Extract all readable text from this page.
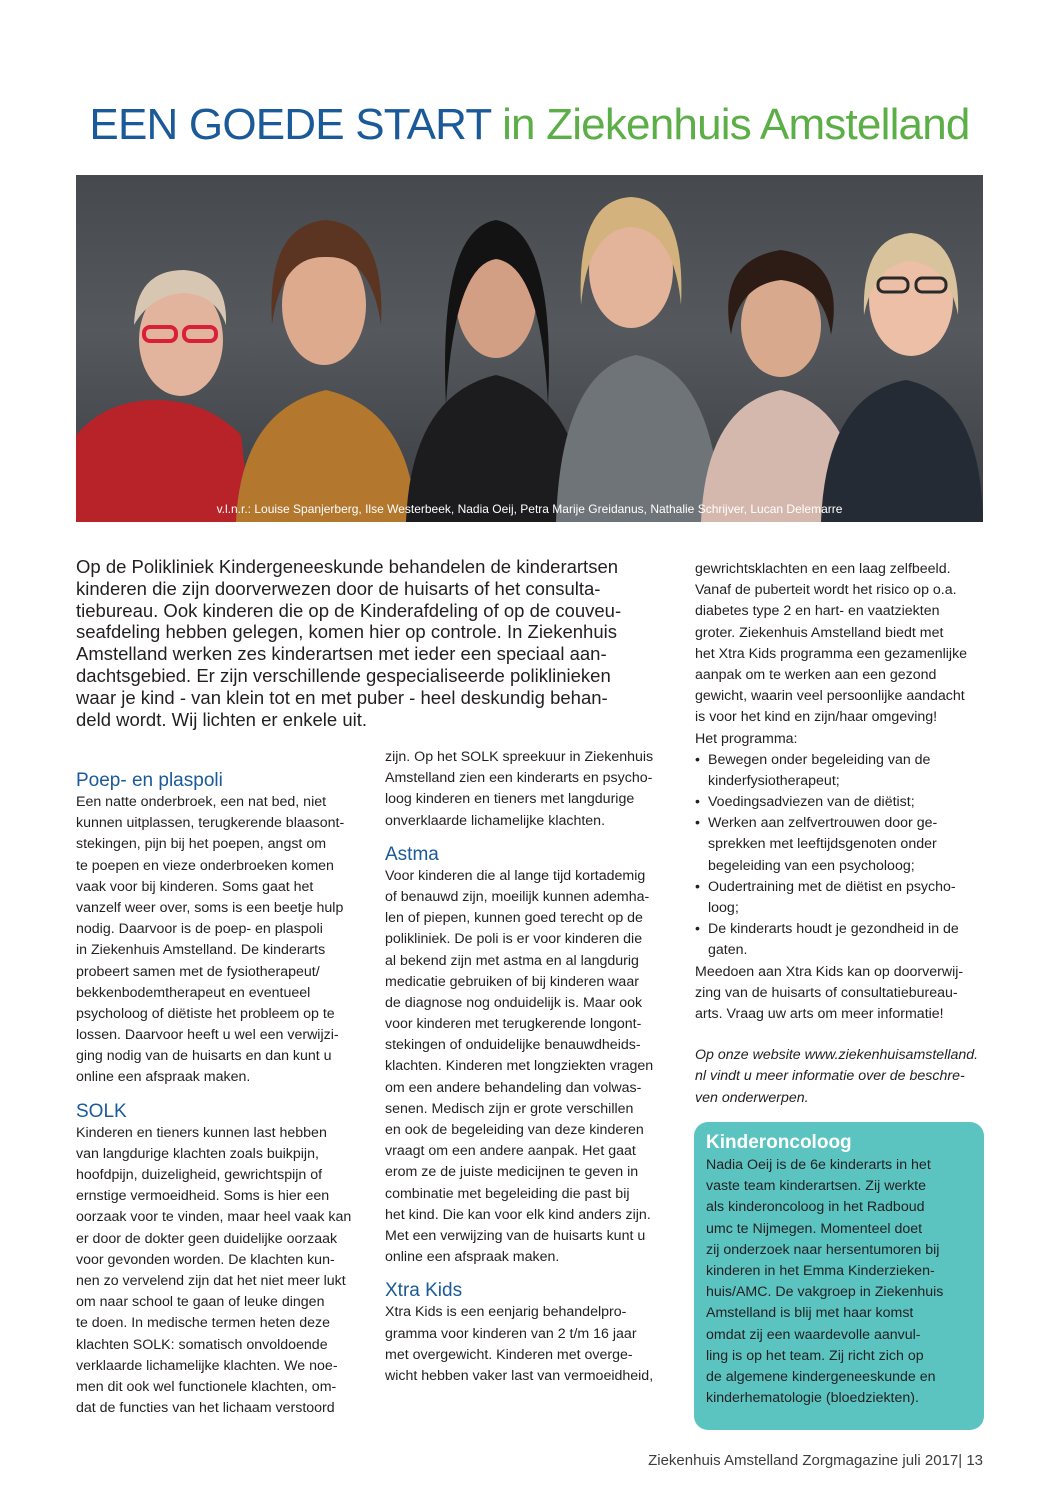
EEN GOEDE START in Ziekenhuis Amstelland
v.l.n.r.: Louise Spanjerberg, Ilse Westerbeek, Nadia Oeij, Petra Marije Greidanus, Nathalie Schrijver, Lucan Delemarre

Op de Polikliniek Kindergeneeskunde behandelen de kinderartsen

kinderen die zijn doorverwezen door de huisarts of het consulta-

tiebureau. Ook kinderen die op de Kinderafdeling of op de couveu-

seafdeling hebben gelegen, komen hier op controle. In Ziekenhuis

Amstelland werken zes kinderartsen met ieder een speciaal aan-

dachtsgebied. Er zijn verschillende gespecialiseerde poliklinieken

waar je kind - van klein tot en met puber - heel deskundig behan-

deld wordt. Wij lichten er enkele uit.

Poep- en plaspoli
Een natte onderbroek, een nat bed, niet
kunnen uitplassen, terugkerende blaasont-
stekingen, pijn bij het poepen, angst om
te poepen en vieze onderbroeken komen
vaak voor bij kinderen. Soms gaat het
vanzelf weer over, soms is een beetje hulp
nodig. Daarvoor is de poep- en plaspoli
in Ziekenhuis Amstelland. De kinderarts
probeert samen met de fysiotherapeut/
bekkenbodemtherapeut en eventueel
psycholoog of diëtiste het probleem op te
lossen. Daarvoor heeft u wel een verwijzi-
ging nodig van de huisarts en dan kunt u
online een afspraak maken.
SOLK
Kinderen en tieners kunnen last hebben
van langdurige klachten zoals buikpijn,
hoofdpijn, duizeligheid, gewrichtspijn of
ernstige vermoeidheid. Soms is hier een
oorzaak voor te vinden, maar heel vaak kan
er door de dokter geen duidelijke oorzaak
voor gevonden worden. De klachten kun-
nen zo vervelend zijn dat het niet meer lukt
om naar school te gaan of leuke dingen
te doen. In medische termen heten deze
klachten SOLK: somatisch onvoldoende
verklaarde lichamelijke klachten. We noe-
men dit ook wel functionele klachten, om-
dat de functies van het lichaam verstoord
zijn. Op het SOLK spreekuur in Ziekenhuis
Amstelland zien een kinderarts en psycho-
loog kinderen en tieners met langdurige
onverklaarde lichamelijke klachten.
Astma
Voor kinderen die al lange tijd kortademig
of benauwd zijn, moeilijk kunnen ademha-
len of piepen, kunnen goed terecht op de
polikliniek. De poli is er voor kinderen die
al bekend zijn met astma en al langdurig
medicatie gebruiken of bij kinderen waar
de diagnose nog onduidelijk is. Maar ook
voor kinderen met terugkerende longont-
stekingen of onduidelijke benauwdheids-
klachten. Kinderen met longziekten vragen
om een andere behandeling dan volwas-
senen. Medisch zijn er grote verschillen
en ook de begeleiding van deze kinderen
vraagt om een andere aanpak. Het gaat
erom ze de juiste medicijnen te geven in
combinatie met begeleiding die past bij
het kind. Die kan voor elk kind anders zijn.
Met een verwijzing van de huisarts kunt u
online een afspraak maken.
Xtra Kids
Xtra Kids is een eenjarig behandelpro-
gramma voor kinderen van 2 t/m 16 jaar
met overgewicht. Kinderen met overge-
wicht hebben vaker last van vermoeidheid,
gewrichtsklachten en een laag zelfbeeld.
Vanaf de puberteit wordt het risico op o.a.
diabetes type 2 en hart- en vaatziekten
groter. Ziekenhuis Amstelland biedt met
het Xtra Kids programma een gezamenlijke
aanpak om te werken aan een gezond
gewicht, waarin veel persoonlijke aandacht
is voor het kind en zijn/haar omgeving!
Het programma:
• Bewegen onder begeleiding van de
kinderfysiotherapeut;
• Voedingsadviezen van de diëtist;
• Werken aan zelfvertrouwen door ge-
sprekken met leeftijdsgenoten onder
begeleiding van een psycholoog;
• Oudertraining met de diëtist en psycho-
loog;
• De kinderarts houdt je gezondheid in de
gaten.
Meedoen aan Xtra Kids kan op doorverwij-
zing van de huisarts of consultatiebureau-
arts. Vraag uw arts om meer informatie!
Op onze website www.ziekenhuisamstelland.
nl vindt u meer informatie over de beschre-
ven onderwerpen.
Kinderoncoloog
Nadia Oeij is de 6e kinderarts in het
vaste team kinderartsen. Zij werkte
als kinderoncoloog in het Radboud
umc te Nijmegen. Momenteel doet
zij onderzoek naar hersentumoren bij
kinderen in het Emma Kinderzieken-
huis/AMC. De vakgroep in Ziekenhuis
Amstelland is blij met haar komst
omdat zij een waardevolle aanvul-
ling is op het team. Zij richt zich op
de algemene kindergeneeskunde en
kinderhematologie (bloedziekten).
Ziekenhuis Amstelland Zorgmagazine juli 2017| 13
